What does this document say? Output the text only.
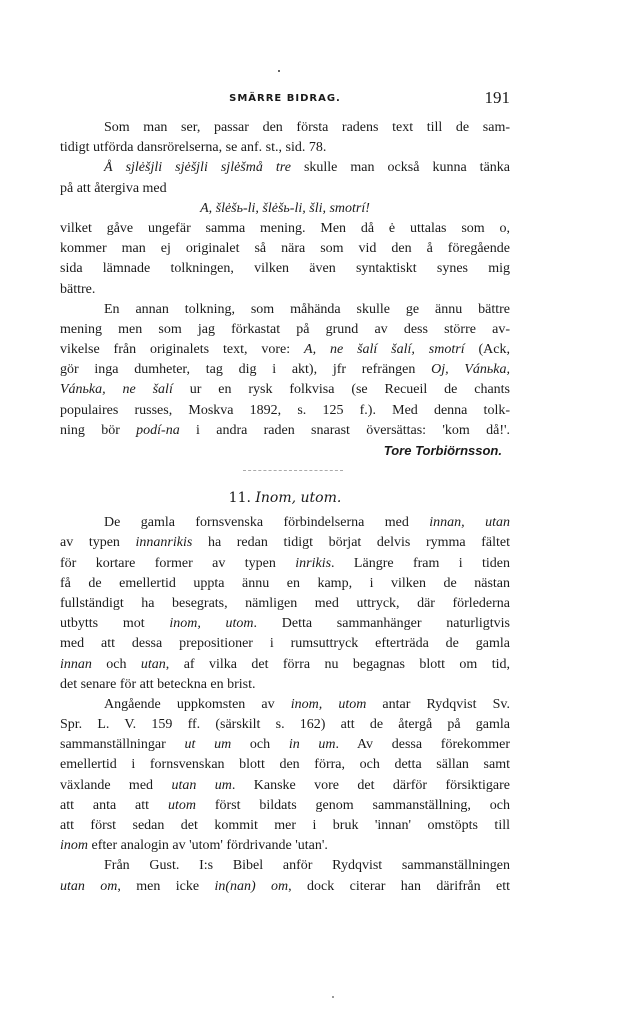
SMÄRRE BIDRAG.	191
Som man ser, passar den första radens text till de sam-
tidigt utförda dansrörelserna, se anf. st., sid. 78.
Å sjlėšjli sjėšjli sjlėšmå tre skulle man också kunna tänka
på att återgiva med
A, šlėšь-li, šlėšь-li, šli, smotrí!
vilket gåve ungefär samma mening. Men då ė uttalas som o,
kommer man ej originalet så nära som vid den å föregående
sida lämnade tolkningen, vilken även syntaktiskt synes mig
bättre.
En annan tolkning, som måhända skulle ge ännu bättre
mening men som jag förkastat på grund av dess större av-
vikelse från originalets text, vore: A, ne šalí šalí, smotrí (Ack,
gör inga dumheter, tag dig i akt), jfr refrängen Oj, Vánьka,
Vánьka, ne šalí ur en rysk folkvisa (se Recueil de chants
populaires russes, Moskva 1892, s. 125 f.). Med denna tolk-
ning bör podí-na i andra raden snarast översättas: 'kom då!'.
Tore Torbiörnsson.
11. Inom, utom.
De gamla fornsvenska förbindelserna med innan, utan
av typen innanrikis ha redan tidigt börjat delvis rymma fältet
för kortare former av typen inrikis. Längre fram i tiden
få de emellertid uppta ännu en kamp, i vilken de nästan
fullständigt ha besegrats, nämligen med uttryck, där förlederna
utbytts mot inom, utom. Detta sammanhänger naturligtvis
med att dessa prepositioner i rumsuttryck efterträda de gamla
innan och utan, af vilka det förra nu begagnas blott om tid,
det senare för att beteckna en brist.
Angående uppkomsten av inom, utom antar Rydqvist Sv.
Spr. L. V. 159 ff. (särskilt s. 162) att de återgå på gamla
sammanställningar ut um och in um. Av dessa förekommer
emellertid i fornsvenskan blott den förra, och detta sällan samt
växlande med utan um. Kanske vore det därför försiktigare
att anta att utom först bildats genom sammanställning, och
att först sedan det kommit mer i bruk 'innan' omstöpts till
inom efter analogin av 'utom' fördrivande 'utan'.
Från Gust. I:s Bibel anför Rydqvist sammanställningen
utan om, men icke in(nan) om, dock citerar han därifrån ett
